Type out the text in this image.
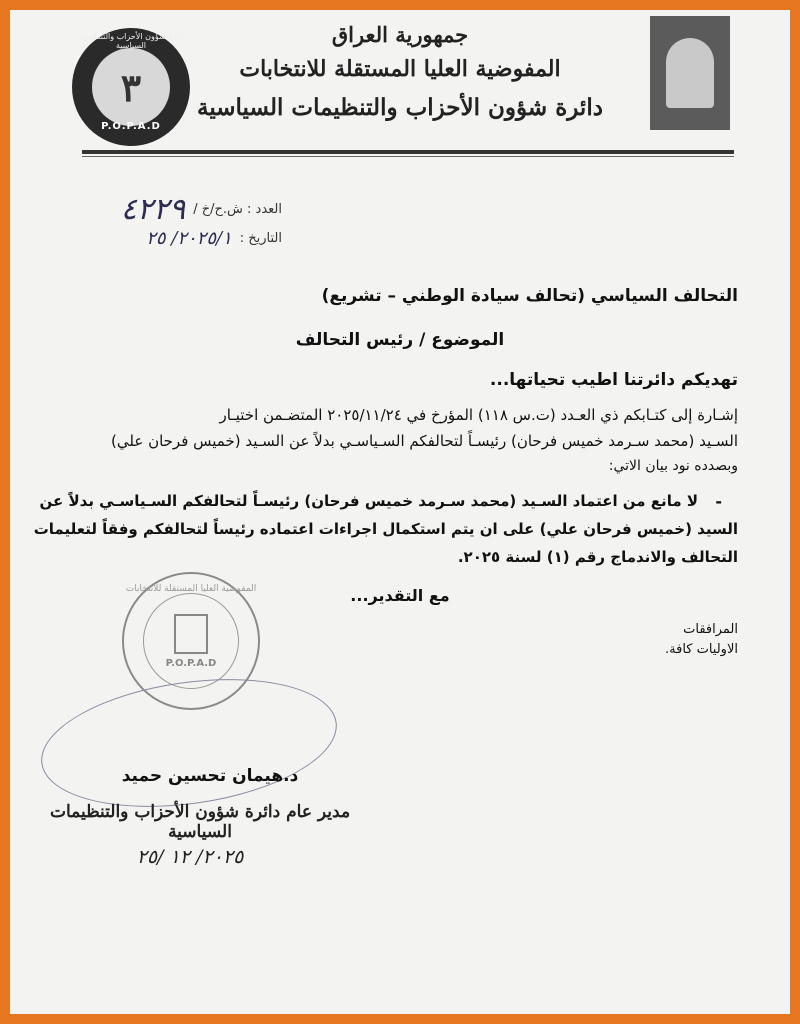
دائرة شؤون الأحزاب والتنظيمات السياسية
٣
P.O.P.A.D
جمهورية العراق
المفوضية العليا المستقلة للانتخابات
دائرة شؤون الأحزاب والتنظيمات السياسية
العدد : ش.ح/خ /
٤٢٢٩
التاريخ :
٢٠٢٥/١/ ٢٥
التحالف السياسي (تحالف سيادة الوطني – تشريع)
الموضوع / رئيس التحالف
تهديكم دائرتنا اطيب تحياتها...
إشـارة إلى كتـابكم ذي العـدد (ت.س ١١٨) المؤرخ في ٢٠٢٥/١١/٢٤ المتضـمن اختيـار
السـيد (محمد سـرمد خميس فرحان) رئيسـاً لتحالفكم السـياسـي بدلاً عن السـيد (خميس فرحان علي)
وبصدده نود بيان الاتي:
-
لا مانع من اعتماد السـيد (محمد سـرمد خميس فرحان) رئيسـاً لتحالفكم السـياسـي بدلاً عن
السيد (خميس فرحان علي) على ان يتم استكمال اجراءات اعتماده رئيساً لتحالفكم وفقاً لتعليمات
التحالف والاندماج رقم (١) لسنة ٢٠٢٥.
مع التقدير...
المرافقات
الاوليات كافة.
المفوضية العليا المستقلة للانتخابات
P.O.P.A.D
د.هيمان تحسين حميد
مدير عام دائرة شؤون الأحزاب والتنظيمات السياسية
٢٠٢٥/ ١٢ /٢٥
